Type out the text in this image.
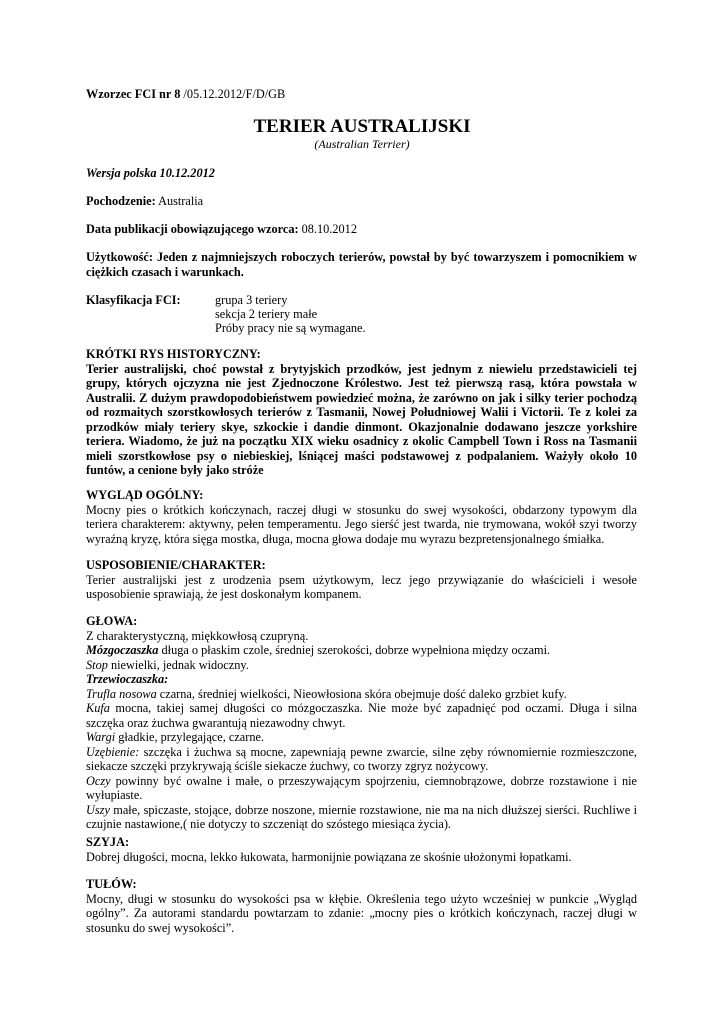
Wzorzec FCI nr 8 /05.12.2012/F/D/GB

TERIER AUSTRALIJSKI
(Australian Terrier)

Wersja polska 10.12.2012

Pochodzenie: Australia

Data publikacji obowiązującego wzorca: 08.10.2012

Użytkowość: Jeden z najmniejszych roboczych terierów, powstał by być towarzyszem i pomocnikiem w ciężkich czasach i warunkach.

Klasyfikacja FCI:	grupa 3 teriery
sekcja 2 teriery małe
Próby pracy nie są wymagane.

KRÓTKI RYS HISTORYCZNY:

Terier australijski, choć powstał z brytyjskich przodków, jest jednym z niewielu przedstawicieli tej grupy, których ojczyzna nie jest Zjednoczone Królestwo. Jest też pierwszą rasą, która powstała w Australii. Z dużym prawdopodobieństwem powiedzieć można, że zarówno on jak i silky terier pochodzą od rozmaitych szorstkowłosych terierów z Tasmanii, Nowej Południowej Walii i Victorii. Te z kolei za przodków miały teriery skye, szkockie i dandie dinmont. Okazjonalnie dodawano jeszcze yorkshire teriera. Wiadomo, że już na początku XIX wieku osadnicy z okolic Campbell Town i Ross na Tasmanii mieli szorstkowłose psy o niebieskiej, lśniącej maści podstawowej z podpalaniem. Ważyły około 10 funtów, a cenione były jako stróże

WYGLĄD OGÓLNY:

Mocny pies o krótkich kończynach, raczej długi w stosunku do swej wysokości, obdarzony typowym dla teriera charakterem: aktywny, pełen temperamentu. Jego sierść jest twarda, nie trymowana, wokół szyi tworzy wyraźną kryzę, która sięga mostka, długa, mocna głowa dodaje mu wyrazu bezpretensjonalnego śmiałka.

USPOSOBIENIE/CHARAKTER:

Terier australijski jest z urodzenia psem użytkowym, lecz jego przywiązanie do właścicieli i wesołe usposobienie sprawiają, że jest doskonałym kompanem.

GŁOWA:

Z charakterystyczną, miękkowłosą czupryną.

Mózgoczaszka długa o płaskim czole, średniej szerokości, dobrze wypełniona między oczami.

Stop niewielki, jednak widoczny.

Trzewioczaszka:

Trufla nosowa czarna, średniej wielkości, Nieowłosiona skóra obejmuje dość daleko grzbiet kufy.

Kufa mocna, takiej samej długości co mózgoczaszka. Nie może być zapadnięć pod oczami. Długa i silna szczęka oraz żuchwa gwarantują niezawodny chwyt.

Wargi gładkie, przylegające, czarne.

Uzębienie: szczęka i żuchwa są mocne, zapewniają pewne zwarcie, silne zęby równomiernie rozmieszczone, siekacze szczęki przykrywają ściśle siekacze żuchwy, co tworzy zgryz nożycowy.

Oczy powinny być owalne i małe, o przeszywającym spojrzeniu, ciemnobrązowe, dobrze rozstawione i nie wyłupiaste.

Uszy małe, spiczaste, stojące, dobrze noszone, miernie rozstawione, nie ma na nich dłuższej sierści. Ruchliwe i czujnie nastawione,( nie dotyczy to szczeniąt do szóstego miesiąca życia).

SZYJA:

Dobrej długości, mocna, lekko łukowata, harmonijnie powiązana ze skośnie ułożonymi łopatkami.

TUŁÓW:

Mocny, długi w stosunku do wysokości psa w kłębie. Określenia tego użyto wcześniej w punkcie „Wygląd ogólny”. Za autorami standardu powtarzam to zdanie: „mocny pies o krótkich kończynach, raczej długi w stosunku do swej wysokości”.
